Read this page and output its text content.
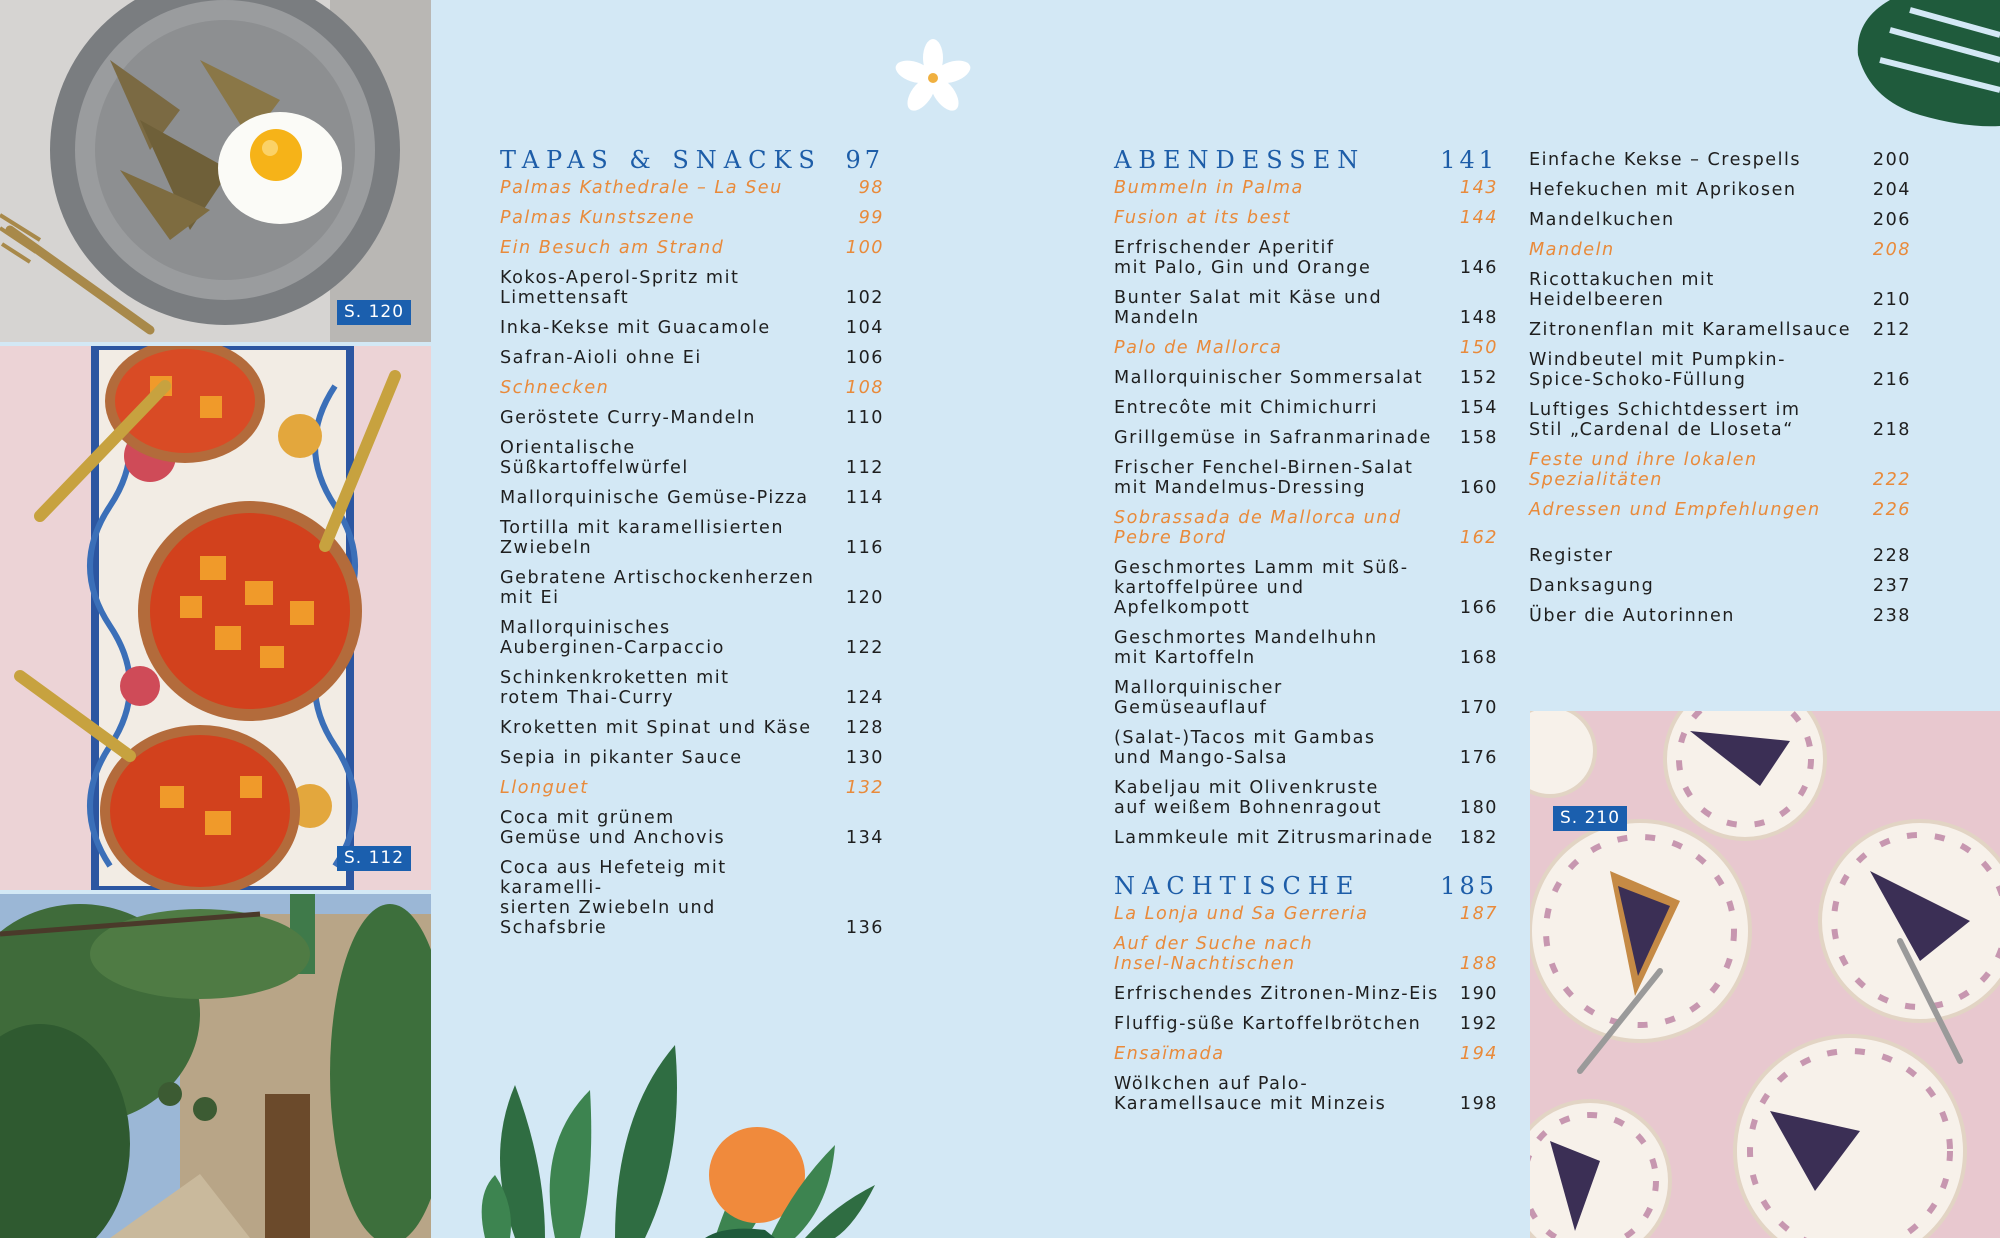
S. 120
S. 112
S. 210
TAPAS & SNACKS 97
Palmas Kathedrale – La Seu	98
Palmas Kunstszene	99
Ein Besuch am Strand	100
Kokos-Aperol-Spritz mit
Limettensaft	102
Inka-Kekse mit Guacamole	104
Safran-Aioli ohne Ei	106
Schnecken	108
Geröstete Curry-Mandeln	110
Orientalische Süßkartoffelwürfel	112
Mallorquinische Gemüse-Pizza	114
Tortilla mit karamellisierten
Zwiebeln	116
Gebratene Artischockenherzen
mit Ei	120
Mallorquinisches
Auberginen-Carpaccio	122
Schinkenkroketten mit
rotem Thai-Curry	124
Kroketten mit Spinat und Käse	128
Sepia in pikanter Sauce	130
Llonguet	132
Coca mit grünem
Gemüse und Anchovis	134
Coca aus Hefeteig mit karamelli-
sierten Zwiebeln und Schafsbrie	136
ABENDESSEN	141
Bummeln in Palma	143
Fusion at its best	144
Erfrischender Aperitif
mit Palo, Gin und Orange	146
Bunter Salat mit Käse und Mandeln	148
Palo de Mallorca	150
Mallorquinischer Sommersalat	152
Entrecôte mit Chimichurri	154
Grillgemüse in Safranmarinade	158
Frischer Fenchel-Birnen-Salat
mit Mandelmus-Dressing	160
Sobrassada de Mallorca und
Pebre Bord	162
Geschmortes Lamm mit Süß-
kartoffelpüree und Apfelkompott	166
Geschmortes Mandelhuhn
mit Kartoffeln	168
Mallorquinischer Gemüseauflauf	170
(Salat-)Tacos mit Gambas
und Mango-Salsa	176
Kabeljau mit Olivenkruste
auf weißem Bohnenragout	180
Lammkeule mit Zitrusmarinade	182
NACHTISCHE	185
La Lonja und Sa Gerreria	187
Auf der Suche nach
Insel-Nachtischen	188
Erfrischendes Zitronen-Minz-Eis	190
Fluffig-süße Kartoffelbrötchen	192
Ensaïmada	194
Wölkchen auf Palo-
Karamellsauce mit Minzeis	198
Einfache Kekse – Crespells	200
Hefekuchen mit Aprikosen	204
Mandelkuchen	206
Mandeln	208
Ricottakuchen mit Heidelbeeren	210
Zitronenflan mit Karamellsauce	212
Windbeutel mit Pumpkin-
Spice-Schoko-Füllung	216
Luftiges Schichtdessert im
Stil „Cardenal de Lloseta“	218
Feste und ihre lokalen
Spezialitäten	222
Adressen und Empfehlungen	226
Register	228
Danksagung	237
Über die Autorinnen	238
